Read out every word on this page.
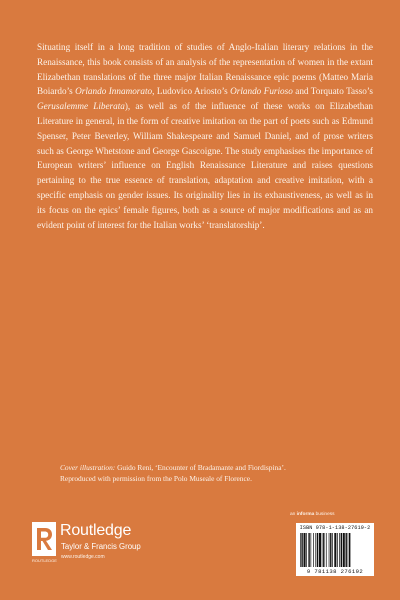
Situating itself in a long tradition of studies of Anglo-Italian literary relations in the Renaissance, this book consists of an analysis of the representation of women in the extant Elizabethan translations of the three major Italian Renaissance epic poems (Matteo Maria Boiardo’s Orlando Innamorato, Ludovico Ariosto’s Orlando Furioso and Torquato Tasso’s Gerusalemme Liberata), as well as of the influence of these works on Elizabethan Literature in general, in the form of creative imitation on the part of poets such as Edmund Spenser, Peter Beverley, William Shakespeare and Samuel Daniel, and of prose writers such as George Whetstone and George Gascoigne. The study emphasises the importance of European writers’ influence on English Renaissance Literature and raises questions pertaining to the true essence of translation, adaptation and creative imitation, with a specific emphasis on gender issues. Its originality lies in its exhaustiveness, as well as in its focus on the epics’ female figures, both as a source of major modifications and as an evident point of interest for the Italian works’ ‘translatorship’.
Cover illustration: Guido Reni, ‘Encounter of Bradamante and Fiordispina’.
Reproduced with permission from the Polo Museale of Florence.
an informa business
ISBN 978-1-138-27619-2
9 781138 276192
Routledge
Taylor & Francis Group
www.routledge.com
ROUTLEDGE
